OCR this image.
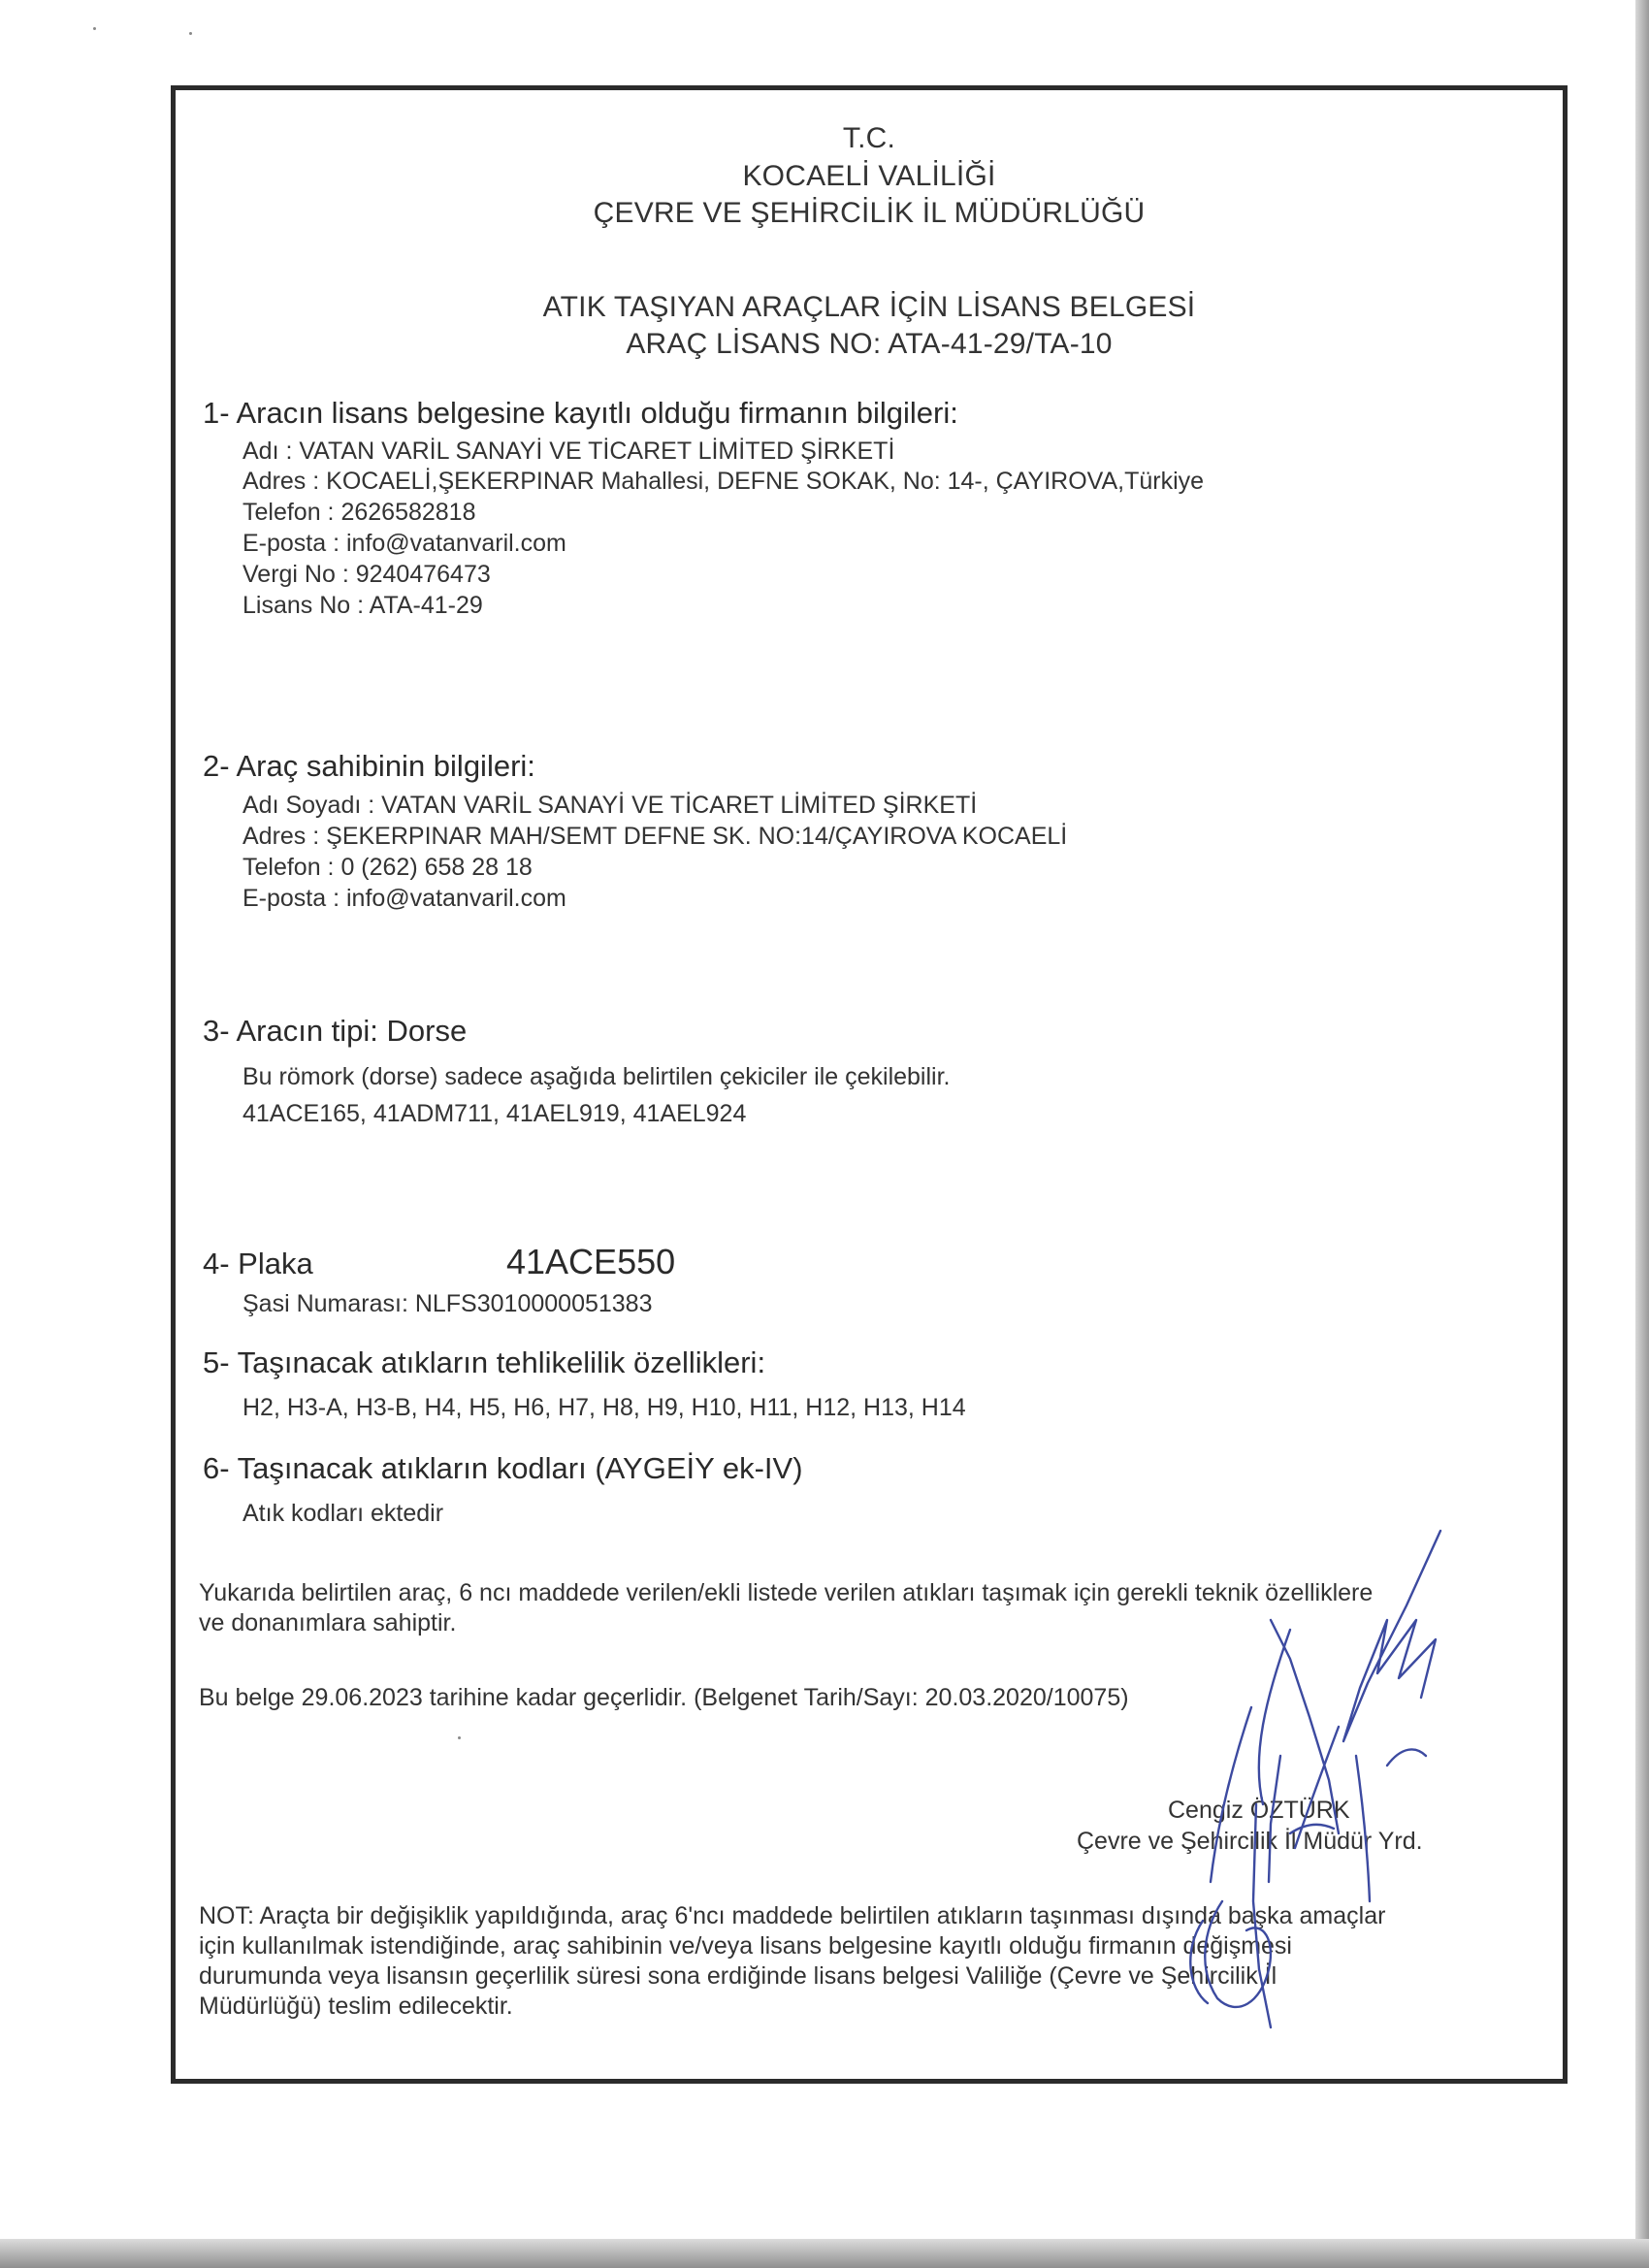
T.C.
KOCAELİ VALİLİĞİ
ÇEVRE VE ŞEHİRCİLİK İL MÜDÜRLÜĞÜ
ATIK TAŞIYAN ARAÇLAR İÇİN LİSANS BELGESİ
ARAÇ LİSANS NO: ATA-41-29/TA-10
1- Aracın lisans belgesine kayıtlı olduğu firmanın bilgileri:
Adı : VATAN VARİL SANAYİ VE TİCARET LİMİTED ŞİRKETİ
Adres : KOCAELİ,ŞEKERPINAR Mahallesi, DEFNE SOKAK, No: 14-, ÇAYIROVA,Türkiye
Telefon : 2626582818
E-posta : info@vatanvaril.com
Vergi No : 9240476473
Lisans No : ATA-41-29
2- Araç sahibinin bilgileri:
Adı Soyadı : VATAN VARİL SANAYİ VE TİCARET LİMİTED ŞİRKETİ
Adres : ŞEKERPINAR MAH/SEMT DEFNE SK. NO:14/ÇAYIROVA KOCAELİ
Telefon : 0 (262) 658 28 18
E-posta : info@vatanvaril.com
3- Aracın tipi: Dorse
Bu römork (dorse) sadece aşağıda belirtilen çekiciler ile çekilebilir.
41ACE165, 41ADM711, 41AEL919, 41AEL924
4- Plaka	41ACE550
Şasi Numarası: NLFS3010000051383
5- Taşınacak atıkların tehlikelilik özellikleri:
H2, H3-A, H3-B, H4, H5, H6, H7, H8, H9, H10, H11, H12, H13, H14
6- Taşınacak atıkların kodları (AYGEİY ek-IV)
Atık kodları ektedir
Yukarıda belirtilen araç, 6 ncı maddede verilen/ekli listede verilen atıkları taşımak için gerekli teknik özelliklere
ve donanımlara sahiptir.
Bu belge 29.06.2023 tarihine kadar geçerlidir. (Belgenet Tarih/Sayı: 20.03.2020/10075)
Cengiz ÖZTÜRK
Çevre ve Şehircilik İl Müdür Yrd.
NOT: Araçta bir değişiklik yapıldığında, araç 6'ncı maddede belirtilen atıkların taşınması dışında başka amaçlar
için kullanılmak istendiğinde, araç sahibinin ve/veya lisans belgesine kayıtlı olduğu firmanın değişmesi
durumunda veya lisansın geçerlilik süresi sona erdiğinde lisans belgesi Valiliğe (Çevre ve Şehircilik İl
Müdürlüğü) teslim edilecektir.
